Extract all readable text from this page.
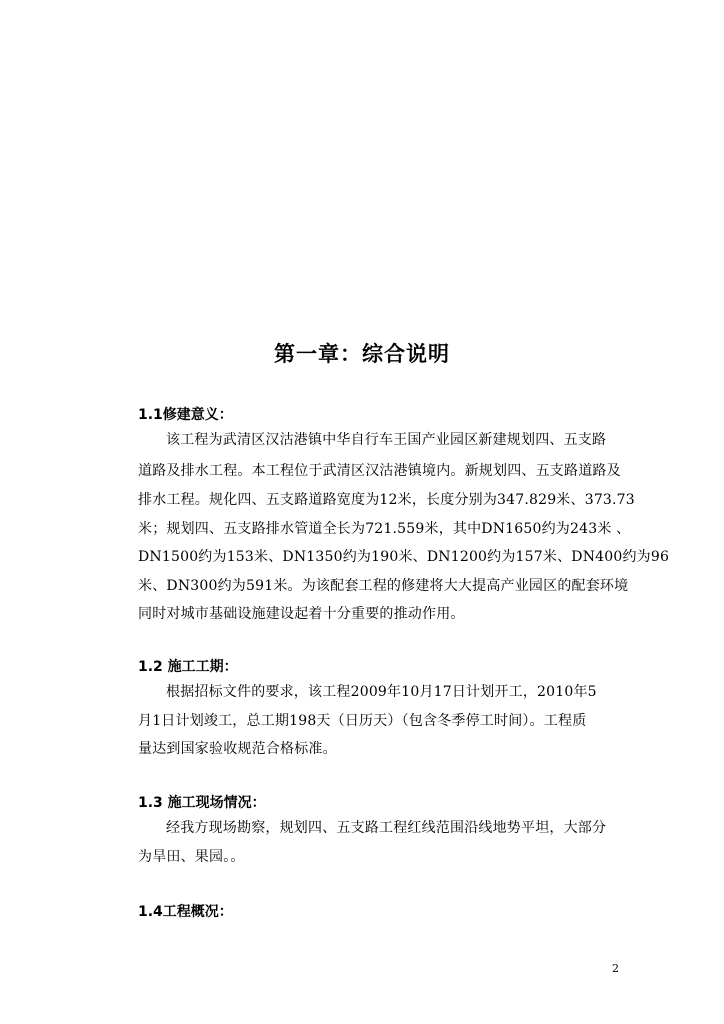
第一章：综合说明
1.1修建意义：
该工程为武清区汉沽港镇中华自行车王国产业园区新建规划四、五支路
道路及排水工程。本工程位于武清区汉沽港镇境内。新规划四、五支路道路及
排水工程。规化四、五支路道路宽度为12米，长度分别为347.829米、373.73
米；规划四、五支路排水管道全长为721.559米，其中DN1650约为243米 、
DN1500约为153米、DN1350约为190米、DN1200约为157米、DN400约为96
米、DN300约为591米。为该配套工程的修建将大大提高产业园区的配套环境
同时对城市基础设施建设起着十分重要的推动作用。
1.2 施工工期：
根据招标文件的要求，该工程2009年10月17日计划开工，2010年5
月1日计划竣工，总工期198天（日历天）（包含冬季停工时间）。工程质
量达到国家验收规范合格标准。
1.3 施工现场情况：
经我方现场勘察，规划四、五支路工程红线范围沿线地势平坦，大部分
为旱田、果园。。
1.4工程概况：
2
